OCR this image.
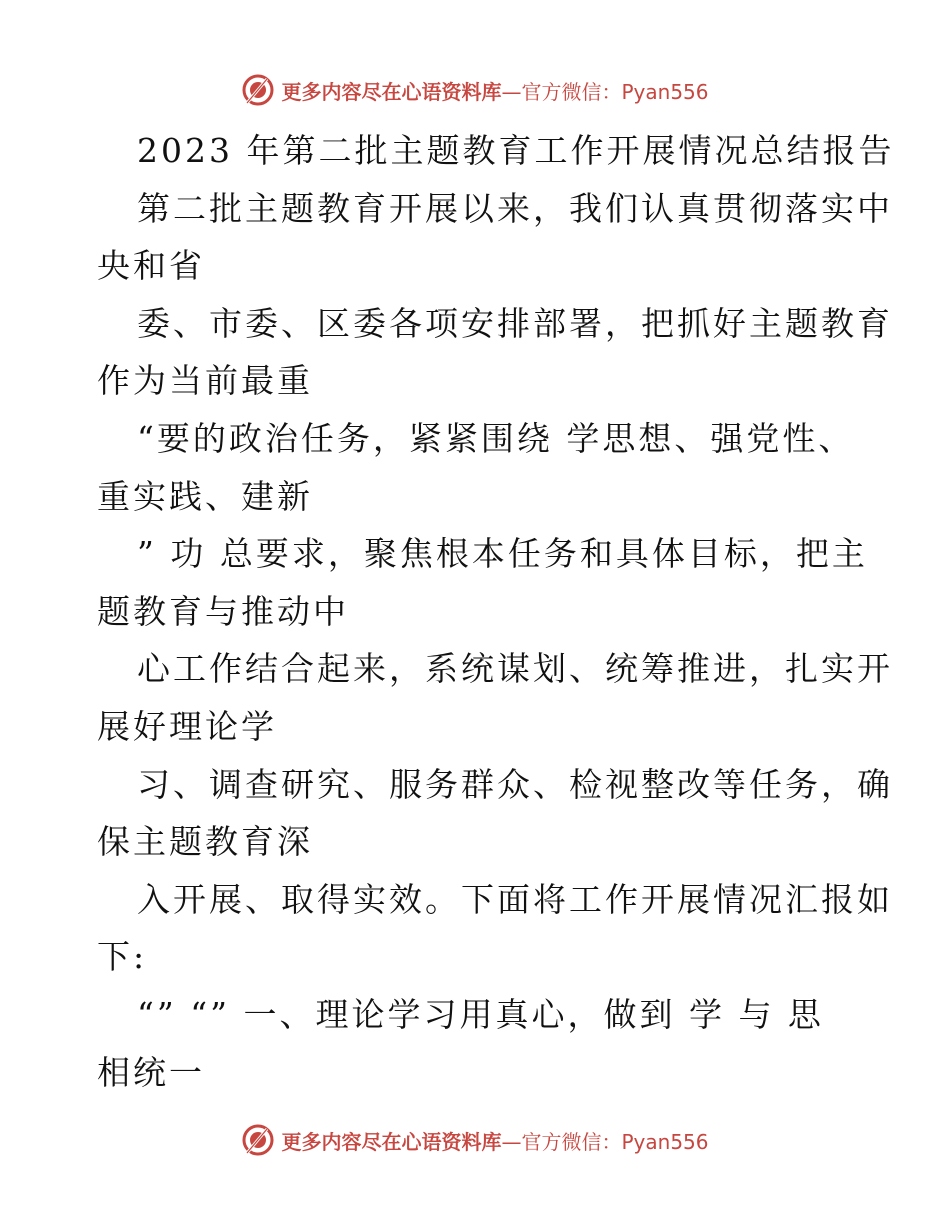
更多内容尽在心语资料库—官方微信：Pyan556
2023 年第二批主题教育工作开展情况总结报告
第二批主题教育开展以来，我们认真贯彻落实中
央和省
委、市委、区委各项安排部署，把抓好主题教育
作为当前最重
“要的政治任务，紧紧围绕 学思想、强党性、
重实践、建新
” 功 总要求，聚焦根本任务和具体目标，把主
题教育与推动中
心工作结合起来，系统谋划、统筹推进，扎实开
展好理论学
习、调查研究、服务群众、检视整改等任务，确
保主题教育深
入开展、取得实效。下面将工作开展情况汇报如
下:
“” “” 一、理论学习用真心，做到 学 与 思
相统一
更多内容尽在心语资料库—官方微信：Pyan556
